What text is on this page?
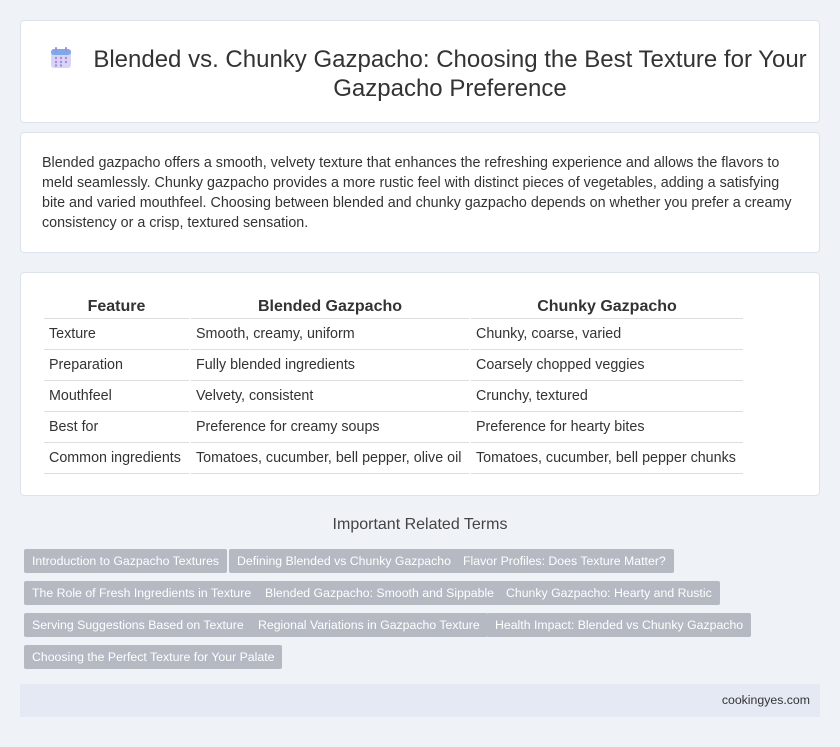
Blended vs. Chunky Gazpacho: Choosing the Best Texture for Your Gazpacho Preference

Blended gazpacho offers a smooth, velvety texture that enhances the refreshing experience and allows the flavors to meld seamlessly. Chunky gazpacho provides a more rustic feel with distinct pieces of vegetables, adding a satisfying bite and varied mouthfeel. Choosing between blended and chunky gazpacho depends on whether you prefer a creamy consistency or a crisp, textured sensation.

Feature	Blended Gazpacho	Chunky Gazpacho
Texture	Smooth, creamy, uniform	Chunky, coarse, varied
Preparation	Fully blended ingredients	Coarsely chopped veggies
Mouthfeel	Velvety, consistent	Crunchy, textured
Best for	Preference for creamy soups	Preference for hearty bites
Common ingredients	Tomatoes, cucumber, bell pepper, olive oil	Tomatoes, cucumber, bell pepper chunks
Important Related Terms
Introduction to Gazpacho Textures	Defining Blended vs Chunky Gazpacho Flavor Profiles: Does Texture Matter?
The Role of Fresh Ingredients in Texture	Blended Gazpacho: Smooth and Sippable Chunky Gazpacho: Hearty and Rustic
Serving Suggestions Based on Texture	Regional Variations in Gazpacho Texture	Health Impact: Blended vs Chunky Gazpacho
Choosing the Perfect Texture for Your Palate
cookingyes.com
